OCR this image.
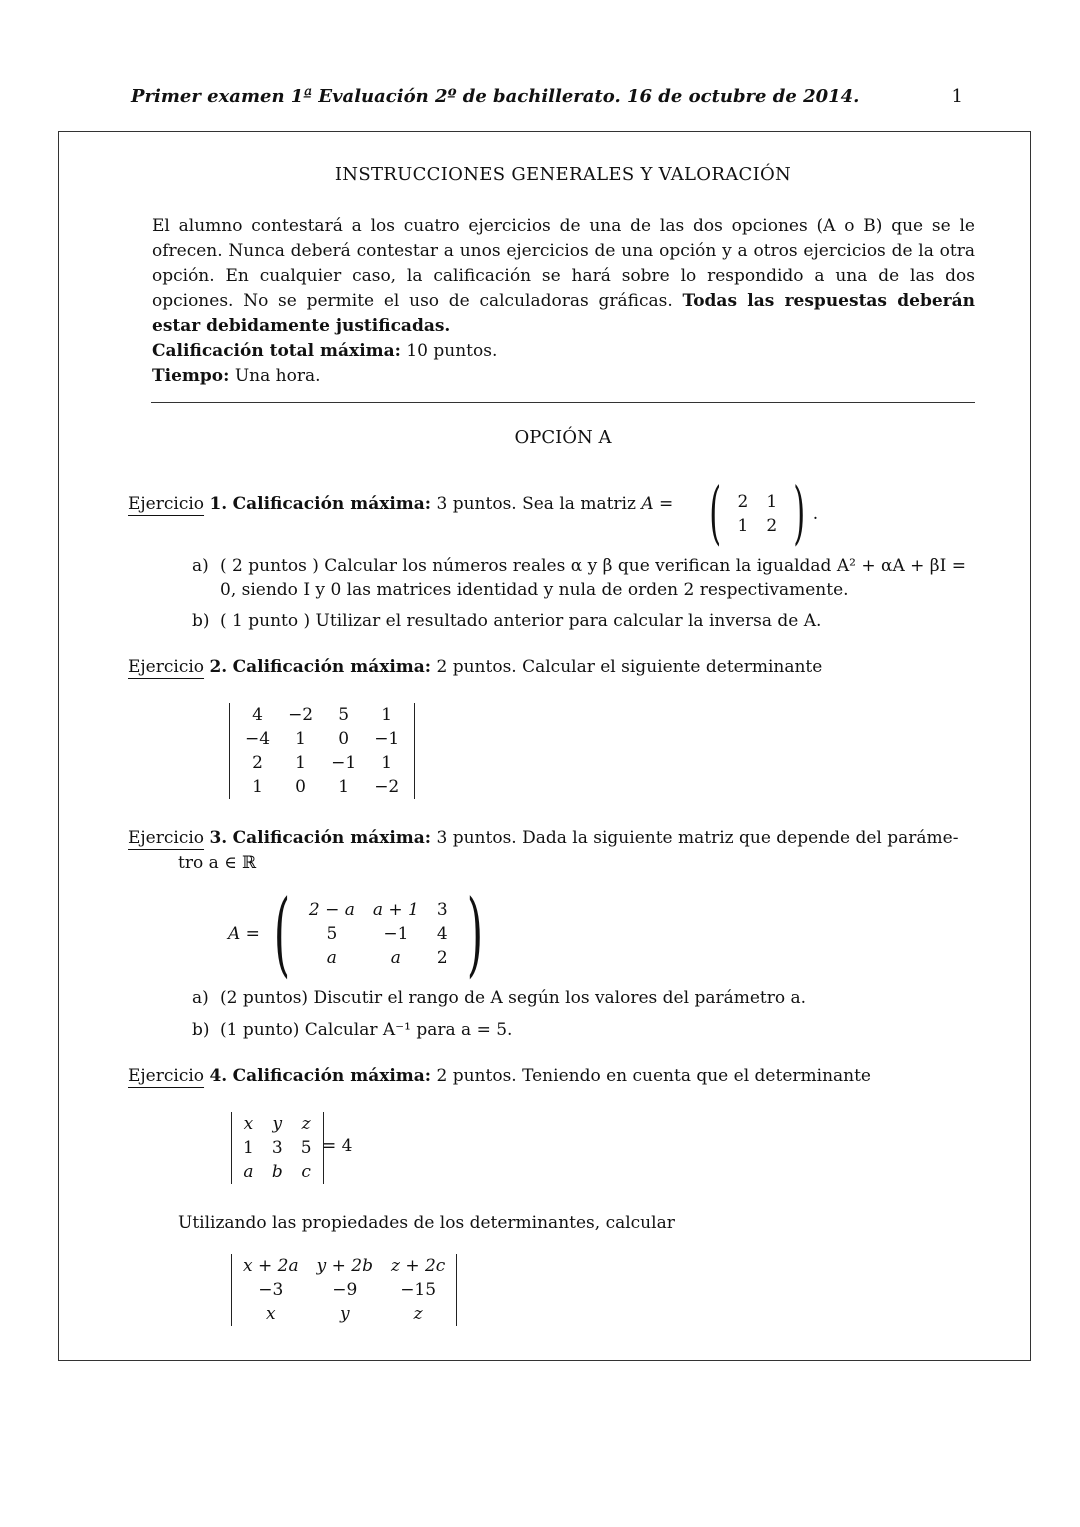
Primer examen 1ª Evaluación 2º de bachillerato. 16 de octubre de 2014.	1
INSTRUCCIONES GENERALES Y VALORACIÓN
El alumno contestará a los cuatro ejercicios de una de las dos opciones (A o B) que se le ofrecen. Nunca deberá contestar a unos ejercicios de una opción y a otros ejercicios de la otra opción. En cualquier caso, la calificación se hará sobre lo respondido a una de las dos opciones. No se permite el uso de calculadoras gráficas. Todas las respuestas deberán estar debidamente justificadas.
Calificación total máxima: 10 puntos.
Tiempo: Una hora.
OPCIÓN A
Ejercicio 1. Calificación máxima: 3 puntos. Sea la matriz A = ( 2	1
1	2 ) .
a) ( 2 puntos ) Calcular los números reales α y β que verifican la igualdad A² + αA + βI = 0, siendo I y 0 las matrices identidad y nula de orden 2 respectivamente.
b) ( 1 punto ) Utilizar el resultado anterior para calcular la inversa de A.
Ejercicio 2. Calificación máxima: 2 puntos. Calcular el siguiente determinante
4	−2	5	1
−4	1	0	−1
2	1	−1	1
1	0	1	−2
Ejercicio 3. Calificación máxima: 3 puntos. Dada la siguiente matriz que depende del paráme-
tro a ∈ ℝ
A = ( 2 − a	a + 1	3
5	−1	4
a	a	2 )
a) (2 puntos) Discutir el rango de A según los valores del parámetro a.
b) (1 punto) Calcular A⁻¹ para a = 5.
Ejercicio 4. Calificación máxima: 2 puntos. Teniendo en cuenta que el determinante
x	y	z
1	3	5
a	b	c
= 4
Utilizando las propiedades de los determinantes, calcular
x + 2a	y + 2b	z + 2c
−3	−9	−15
x	y	z
